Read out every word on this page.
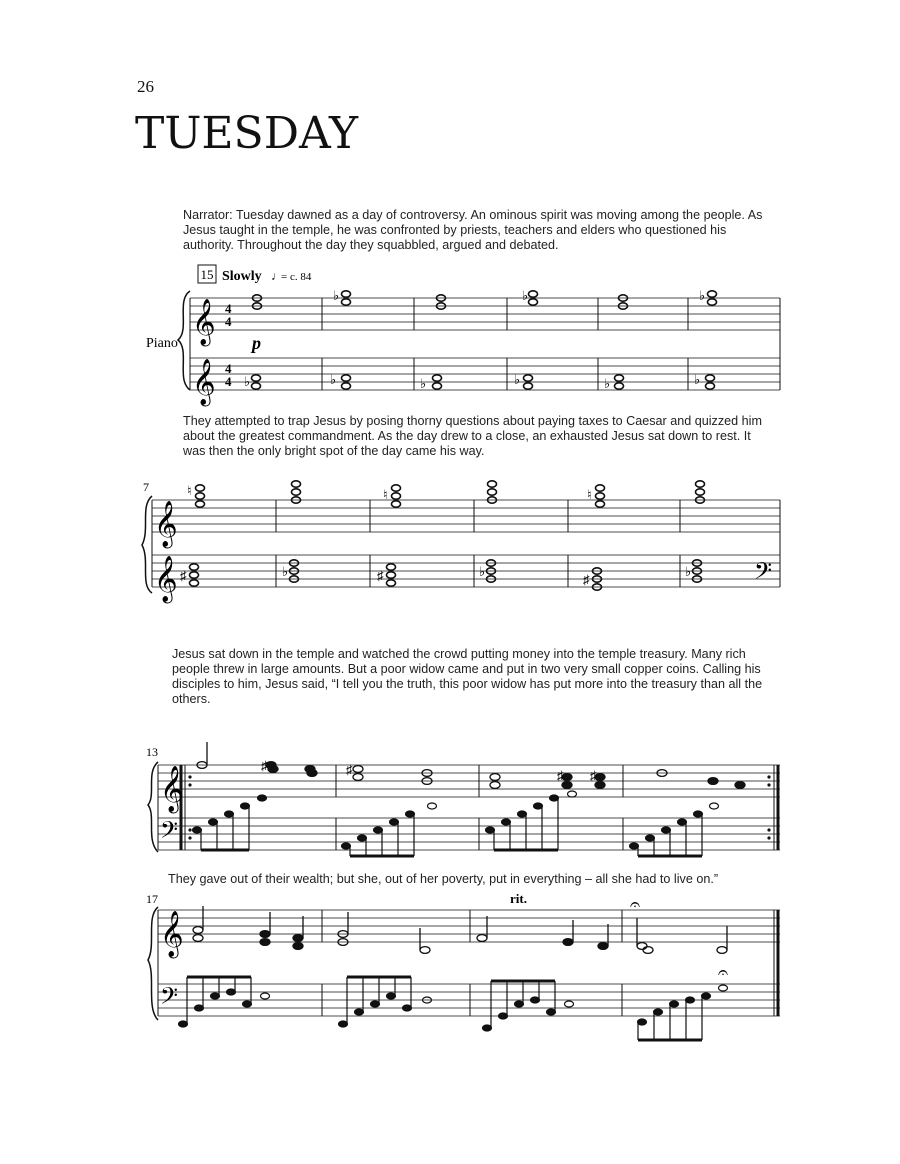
26
TUESDAY

Narrator: Tuesday dawned as a day of controversy. An ominous spirit was moving among the people. As Jesus taught in the temple, he was confronted by priests, teachers and elders who questioned his authority. Throughout the day they squabbled, argued and debated.

They attempted to trap Jesus by posing thorny questions about paying taxes to Caesar and quizzed him about the greatest commandment. As the day drew to a close, an exhausted Jesus sat down to rest. It was then the only bright spot of the day came his way.

Jesus sat down in the temple and watched the crowd putting money into the temple treasury. Many rich people threw in large amounts. But a poor widow came and put in two very small copper coins. Calling his disciples to him, Jesus said, “I tell you the truth, this poor widow has put more into the treasury than all the others.

They gave out of their wealth; but she, out of her poverty, put in everything – all she had to live on.”

15 Slowly ♩
= c. 84
Piano 𝄞
𝄞
4
4
4
4
p
♭	♭	♭
♭	♭	♭	♭	♭	♭
7
𝄞
𝄞	𝄢
♮	♮	♮
♯	♭	♯	♭
♯
♭
13
𝄞
𝄢
♯	♯	♯ ♯
17	rit.
𝄞
𝄢
𝄐
𝄐
